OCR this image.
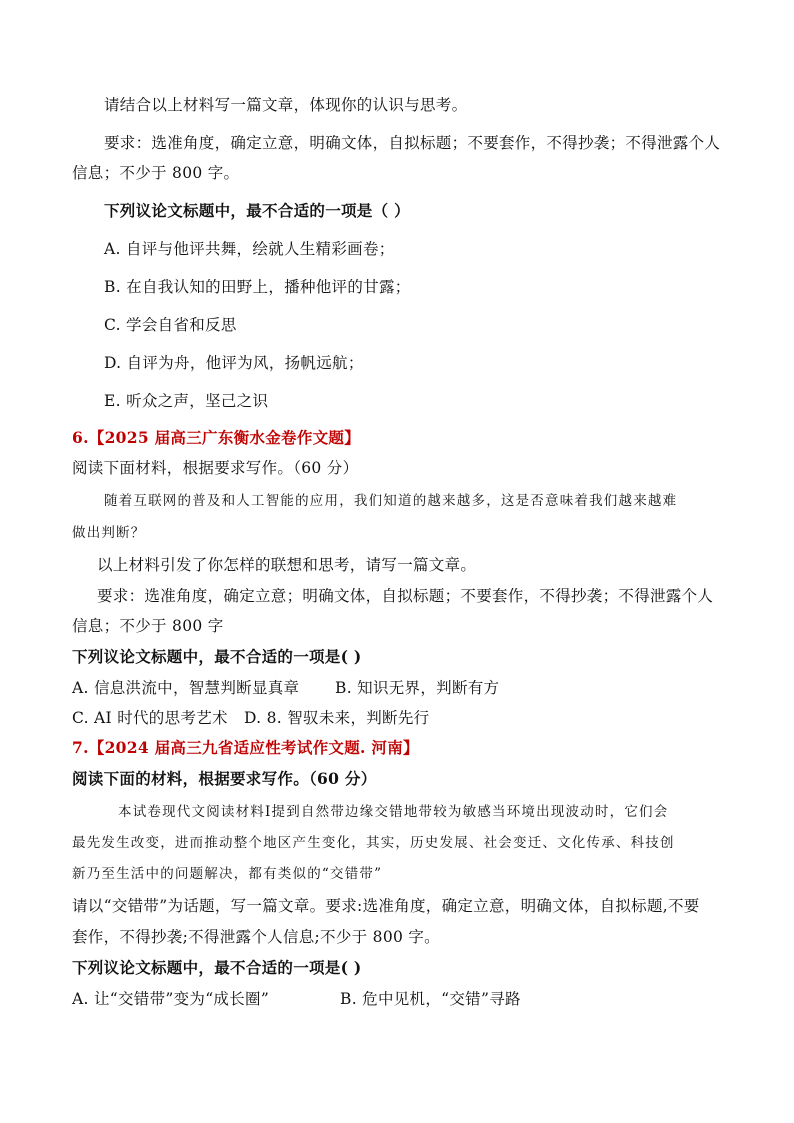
请结合以上材料写一篇文章，体现你的认识与思考。
要求：选准角度，确定立意，明确文体，自拟标题；不要套作，不得抄袭；不得泄露个人
信息；不少于 800 字。
下列议论文标题中，最不合适的一项是（ ）
A. 自评与他评共舞，绘就人生精彩画卷；
B. 在自我认知的田野上，播种他评的甘露；
C. 学会自省和反思
D. 自评为舟，他评为风，扬帆远航；
E. 听众之声，坚己之识
6.【2025 届高三广东衡水金卷作文题】
阅读下面材料，根据要求写作。（60 分）
随着互联网的普及和人工智能的应用，我们知道的越来越多，这是否意味着我们越来越难
做出判断？
以上材料引发了你怎样的联想和思考，请写一篇文章。
要求：选准角度，确定立意；明确文体，自拟标题；不要套作，不得抄袭；不得泄露个人
信息；不少于 800 字
下列议论文标题中，最不合适的一项是( )
A. 信息洪流中，智慧判断显真章 B. 知识无界，判断有方
C. AI 时代的思考艺术 D. 8. 智驭未来，判断先行
7.【2024 届高三九省适应性考试作文题. 河南】
阅读下面的材料，根据要求写作。（60 分）
本试卷现代文阅读材料Ⅰ提到自然带边缘交错地带较为敏感当环境出现波动时，它们会
最先发生改变，进而推动整个地区产生变化，其实，历史发展、社会变迁、文化传承、科技创
新乃至生活中的问题解决，都有类似的“交错带”
请以“交错带”为话题，写一篇文章。要求:选准角度，确定立意，明确文体，自拟标题,不要
套作，不得抄袭;不得泄露个人信息;不少于 800 字。
下列议论文标题中，最不合适的一项是( )
A. 让“交错带”变为“成长圈”	B. 危中见机，“交错”寻路
